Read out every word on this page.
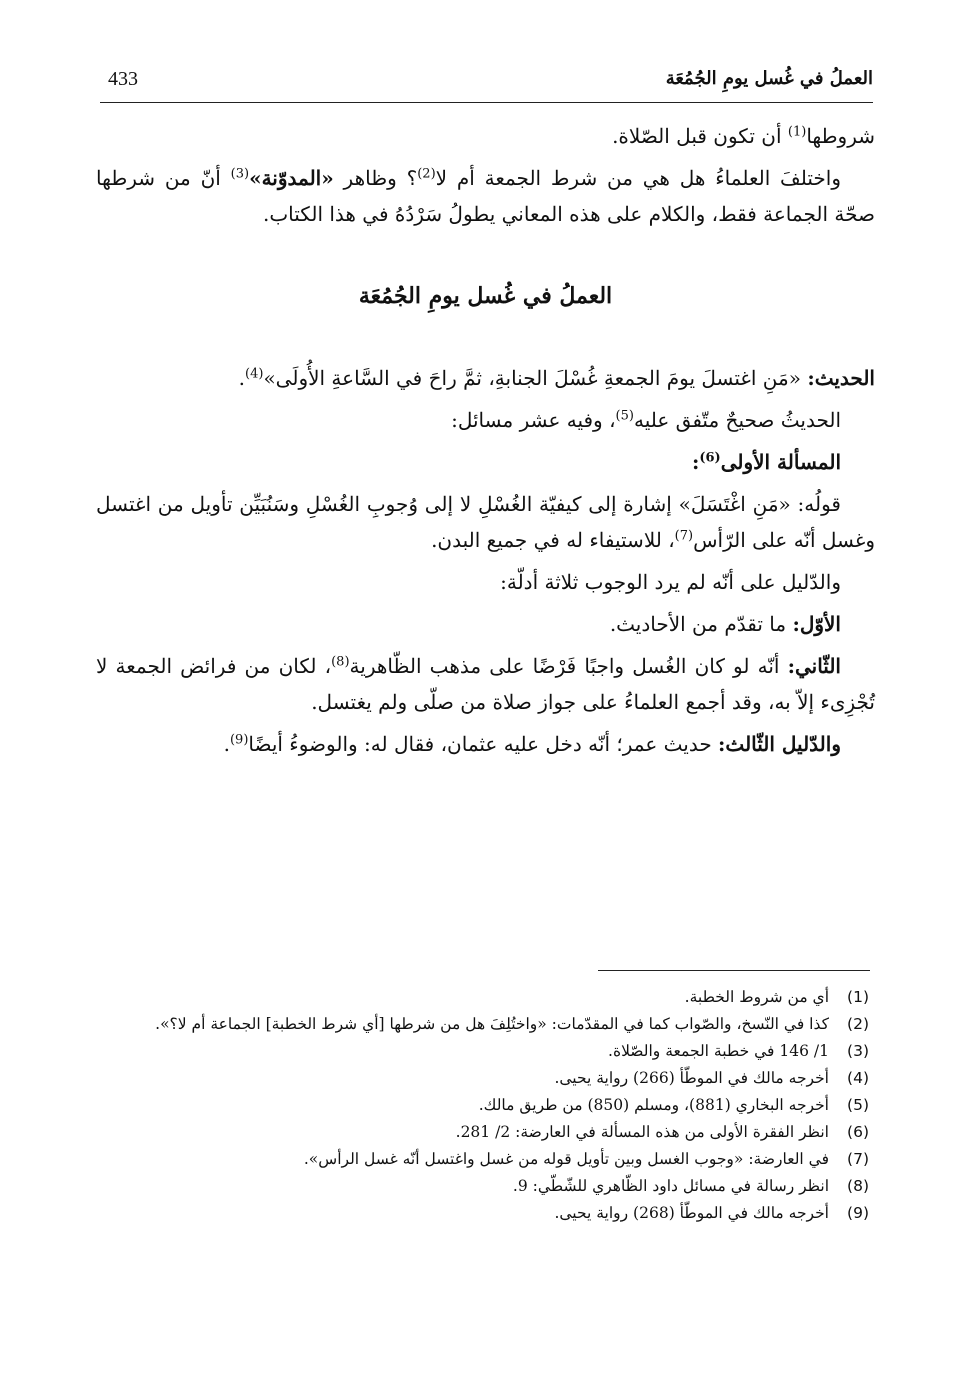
433	العملُ في غُسل يومِ الجُمُعَة

شروطها$^{(1)}$ أن تكون قبل الصّلاة.

واختلفَ العلماءُ هل هي من شرط الجمعة أم لا$^{(2)}$؟ وظاهر «المدوّنة»$^{(3)}$ أنّ من شرطها صحّة الجماعة فقط، والكلام على هذه المعاني يطولُ سَرْدُهُ في هذا الكتاب.

العملُ في غُسل يومِ الجُمُعَة

الحديث: «مَنِ اغتسلَ يومَ الجمعةِ غُسْلَ الجنابةِ، ثمَّ راحَ في السَّاعةِ الأُولَى»$^{(4)}$.

الحديثُ صحيحٌ متّفق عليه$^{(5)}$، وفيه عشر مسائل:

المسألة الأولى$^{(6)}$:

قولُه: «مَنِ اغْتَسَلَ» إشارة إلى كيفيّة الغُسْلِ لا إلى وُجوبِ الغُسْلِ وسَنُبَيِّن تأويل من اغتسل وغسل أنّه على الرّأس$^{(7)}$، للاستيفاء له في جميع البدن.

والدّليل على أنّه لم يرد الوجوب ثلاثة أدلّة:

الأوّل: ما تقدّم من الأحاديث.

الثّاني: أنّه لو كان الغُسل واجبًا فَرْضًا على مذهب الظّاهرية$^{(8)}$، لكان من فرائض الجمعة لا تُجْزِىء إلاّ به، وقد أجمع العلماءُ على جواز صلاة من صلّى ولم يغتسل.

والدّليل الثّالث: حديث عمر؛ أنّه دخل عليه عثمان، فقال له: والوضوءُ أيضًا$^{(9)}$.

(1)
أي من شروط الخطبة.
(2)
كذا في النّسخ، والصّواب كما في المقدّمات: «واختُلِفَ هل من شرطها [أي شرط الخطبة] الجماعة أم لا؟».
(3)
1/ 146 في خطبة الجمعة والصّلاة.
(4)
أخرجه مالك في الموطّأ (266) رواية يحيى.
(5)
أخرجه البخاري (881)، ومسلم (850) من طريق مالك.
(6)
انظر الفقرة الأولى من هذه المسألة في العارضة: 2/ 281.
(7)
في العارضة: «وجوب الغسل وبين تأويل قوله من غسل واغتسل أنّه غسل الرأس».
(8)
انظر رسالة في مسائل داود الظّاهري للشّطّي: 9.
(9)
أخرجه مالك في الموطّأ (268) رواية يحيى.
